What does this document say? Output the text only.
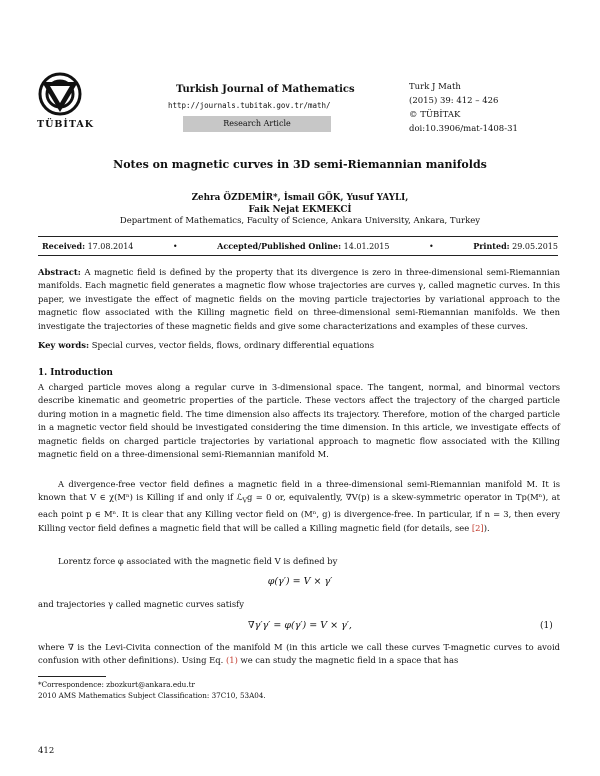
TÜBİTAK
Turkish Journal of Mathematics
http://journals.tubitak.gov.tr/math/
Research Article
Turk J Math
(2015) 39: 412 – 426
© TÜBİTAK
doi:10.3906/mat-1408-31
Notes on magnetic curves in 3D semi-Riemannian manifolds
Zehra ÖZDEMİR*, İsmail GÖK, Yusuf YAYLI,
Faik Nejat EKMEKCİ
Department of Mathematics, Faculty of Science, Ankara University, Ankara, Turkey
Received: 17.08.2014	•	Accepted/Published Online: 14.01.2015	•	Printed: 29.05.2015
Abstract: A magnetic field is defined by the property that its divergence is zero in three-dimensional semi-Riemannian manifolds. Each magnetic field generates a magnetic flow whose trajectories are curves γ, called magnetic curves. In this paper, we investigate the effect of magnetic fields on the moving particle trajectories by variational approach to the magnetic flow associated with the Killing magnetic field on three-dimensional semi-Riemannian manifolds. We then investigate the trajectories of these magnetic fields and give some characterizations and examples of these curves.
Key words: Special curves, vector fields, flows, ordinary differential equations
1. Introduction
A charged particle moves along a regular curve in 3-dimensional space. The tangent, normal, and binormal vectors describe kinematic and geometric properties of the particle. These vectors affect the trajectory of the charged particle during motion in a magnetic field. The time dimension also affects its trajectory. Therefore, motion of the charged particle in a magnetic vector field should be investigated considering the time dimension. In this article, we investigate effects of magnetic fields on charged particle trajectories by variational approach to magnetic flow associated with the Killing magnetic field on a three-dimensional semi-Riemannian manifold M.
A divergence-free vector field defines a magnetic field in a three-dimensional semi-Riemannian manifold M. It is known that V ∈ χ(Mⁿ) is Killing if and only if ℒ$_V$g = 0 or, equivalently, ∇V(p) is a skew-symmetric operator in Tp(Mⁿ), at each point p ∈ Mⁿ. It is clear that any Killing vector field on (Mⁿ, g) is divergence-free. In particular, if n = 3, then every Killing vector field defines a magnetic field that will be called a Killing magnetic field (for details, see [2]).
Lorentz force φ associated with the magnetic field V is defined by
φ(γ′) = V × γ′
and trajectories γ called magnetic curves satisfy
∇γ′γ′ = φ(γ′) = V × γ′,	(1)
where ∇ is the Levi-Civita connection of the manifold M (in this article we call these curves T-magnetic curves to avoid confusion with other definitions). Using Eq. (1) we can study the magnetic field in a space that has
*Correspondence: zbozkurt@ankara.edu.tr
2010 AMS Mathematics Subject Classification: 37C10, 53A04.
412
